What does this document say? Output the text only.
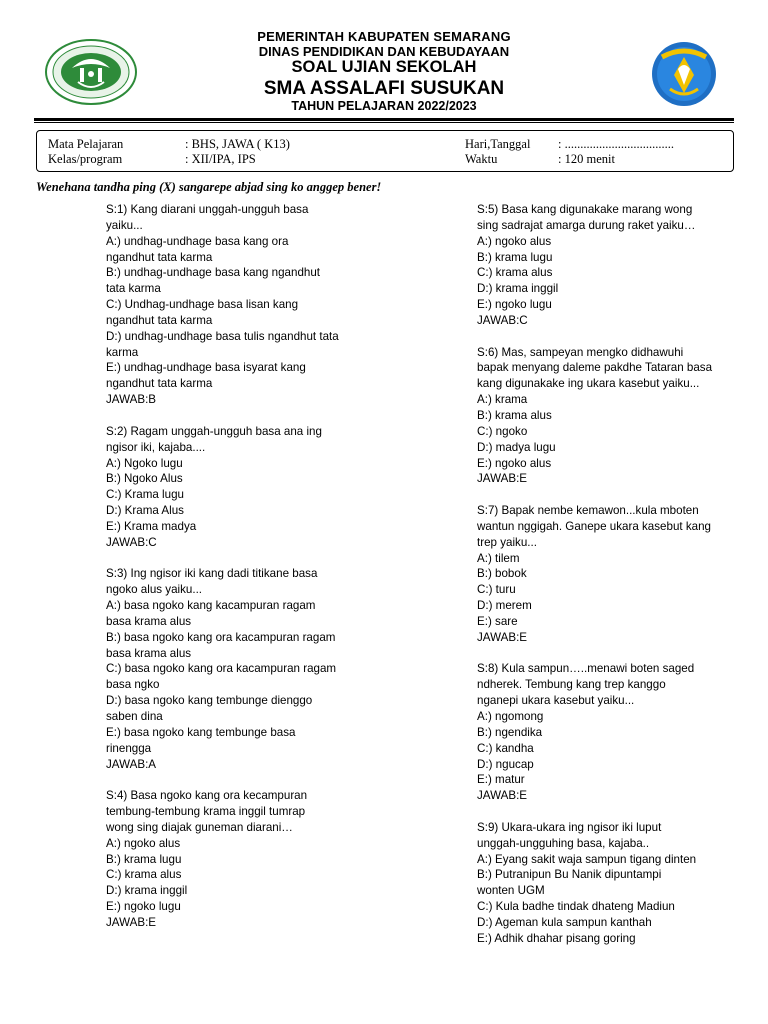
PEMERINTAH KABUPATEN SEMARANG
DINAS PENDIDIKAN DAN KEBUDAYAAN
SOAL UJIAN SEKOLAH
SMA ASSALAFI SUSUKAN
TAHUN PELAJARAN 2022/2023
Mata Pelajaran	: BHS, JAWA ( K13)
Kelas/program	: XII/IPA, IPS
Hari,Tanggal : ...................................
Waktu	: 120 menit
Wenehana tandha ping (X) sangarepe abjad sing ko anggep bener!
S:1) Kang diarani unggah-ungguh basa
yaiku...
A:) undhag-undhage basa kang ora
ngandhut tata karma
B:) undhag-undhage basa kang ngandhut
tata karma
C:) Undhag-undhage basa lisan kang
ngandhut tata karma
D:) undhag-undhage basa tulis ngandhut tata
karma
E:) undhag-undhage basa isyarat kang
ngandhut tata karma
JAWAB:B
S:2) Ragam unggah-ungguh basa ana ing
ngisor iki, kajaba....
A:) Ngoko lugu
B:) Ngoko Alus
C:) Krama lugu
D:) Krama Alus
E:) Krama madya
JAWAB:C
S:3) Ing ngisor iki kang dadi titikane basa
ngoko alus yaiku...
A:) basa ngoko kang kacampuran ragam
basa krama alus
B:) basa ngoko kang ora kacampuran ragam
basa krama alus
C:) basa ngoko kang ora kacampuran ragam
basa ngko
D:) basa ngoko kang tembunge dienggo
saben dina
E:) basa ngoko kang tembunge basa
rinengga
JAWAB:A
S:4) Basa ngoko kang ora kecampuran
tembung-tembung krama inggil tumrap
wong sing diajak guneman diarani…
A:) ngoko alus
B:) krama lugu
C:) krama alus
D:) krama inggil
E:) ngoko lugu
JAWAB:E
S:5) Basa kang digunakake marang wong
sing sadrajat amarga durung raket yaiku…
A:) ngoko alus
B:) krama lugu
C:) krama alus
D:) krama inggil
E:) ngoko lugu
JAWAB:C
S:6) Mas, sampeyan mengko didhawuhi
bapak menyang daleme pakdhe Tataran basa
kang digunakake ing ukara kasebut yaiku...
A:) krama
B:) krama alus
C:) ngoko
D:) madya lugu
E:) ngoko alus
JAWAB:E
S:7) Bapak nembe kemawon...kula mboten
wantun nggigah. Ganepe ukara kasebut kang
trep yaiku...
A:) tilem
B:) bobok
C:) turu
D:) merem
E:) sare
JAWAB:E
S:8) Kula sampun…..menawi boten saged
ndherek. Tembung kang trep kanggo
nganepi ukara kasebut yaiku...
A:) ngomong
B:) ngendika
C:) kandha
D:) ngucap
E:) matur
JAWAB:E
S:9) Ukara-ukara ing ngisor iki luput
unggah-ungguhing basa, kajaba..
A:) Eyang sakit waja sampun tigang dinten
B:) Putranipun Bu Nanik dipuntampi
wonten UGM
C:) Kula badhe tindak dhateng Madiun
D:) Ageman kula sampun kanthah
E:) Adhik dhahar pisang goring
